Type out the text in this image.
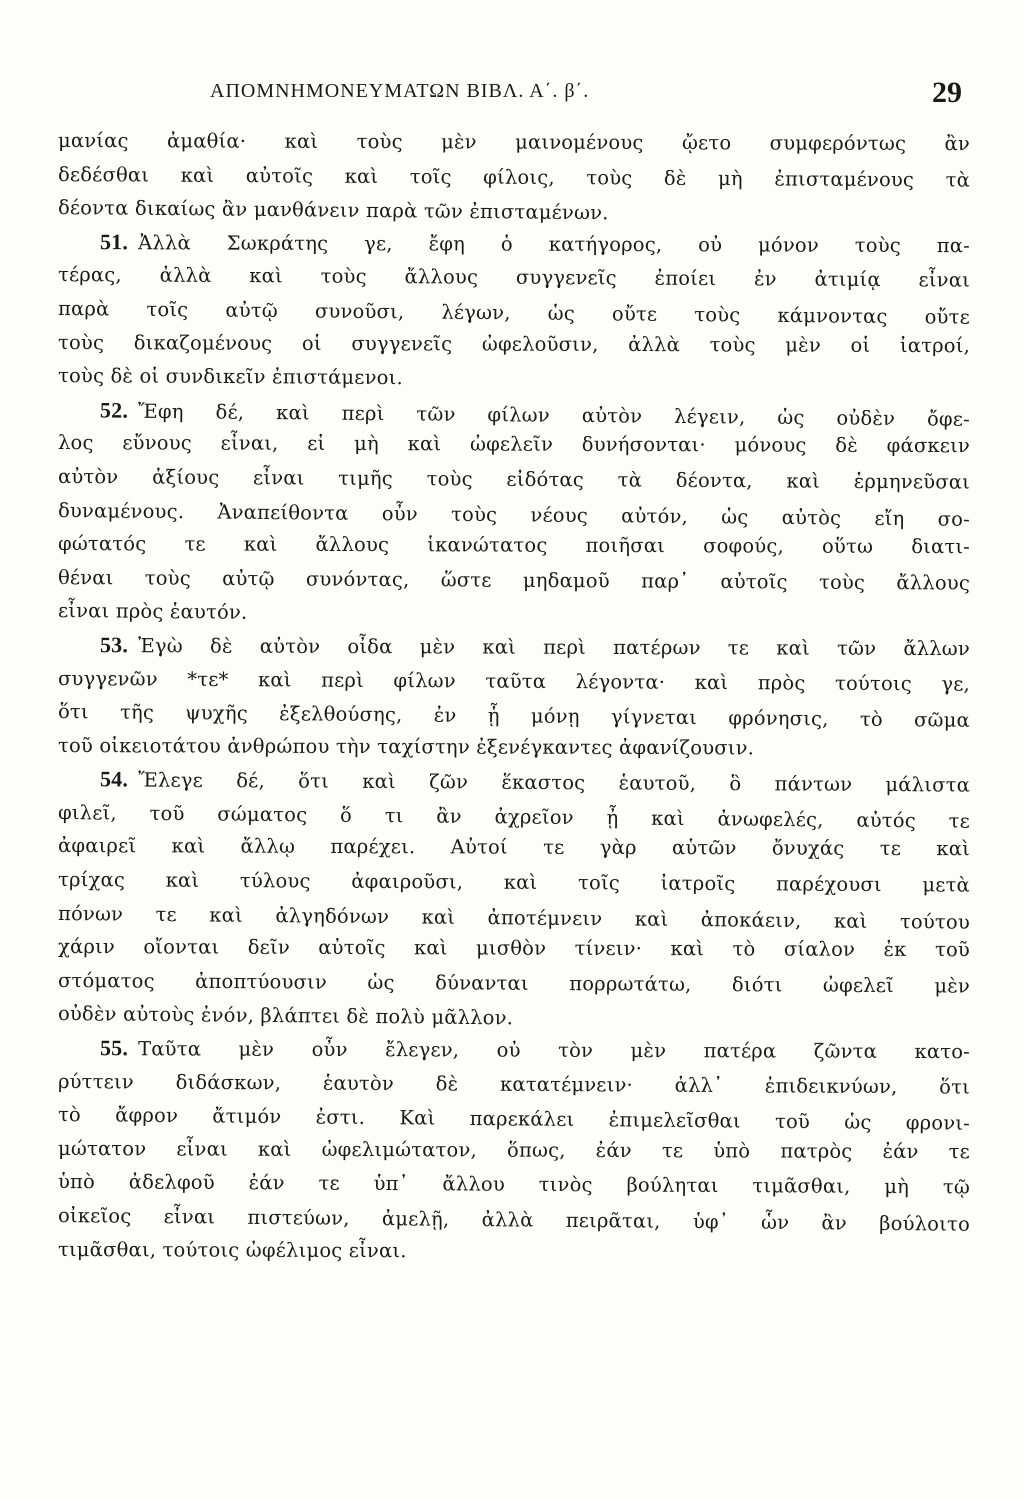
ΑΠΟΜΝΗΜΟΝΕΥΜΑΤΩΝ ΒΙΒΛ. Α΄. β΄.	29
μανίας ἀμαθία· καὶ τοὺς μὲν μαινομένους ᾤετο συμφερόντως ἂν
δεδέσθαι καὶ αὐτοῖς καὶ τοῖς φίλοις, τοὺς δὲ μὴ ἐπισταμένους τὰ
δέοντα δικαίως ἂν μανθάνειν παρὰ τῶν ἐπισταμένων.
51. Ἀλλὰ Σωκράτης γε, ἔφη ὁ κατήγορος, οὐ μόνον τοὺς πα-
τέρας, ἀλλὰ καὶ τοὺς ἄλλους συγγενεῖς ἐποίει ἐν ἀτιμίᾳ εἶναι
παρὰ τοῖς αὐτῷ συνοῦσι, λέγων, ὡς οὔτε τοὺς κάμνοντας οὔτε
τοὺς δικαζομένους οἱ συγγενεῖς ὠφελοῦσιν, ἀλλὰ τοὺς μὲν οἱ ἰατροί,
τοὺς δὲ οἱ συνδικεῖν ἐπιστάμενοι.
52. Ἔφη δέ, καὶ περὶ τῶν φίλων αὐτὸν λέγειν, ὡς οὐδὲν ὄφε-
λος εὔνους εἶναι, εἰ μὴ καὶ ὠφελεῖν δυνήσονται· μόνους δὲ φάσκειν
αὐτὸν ἀξίους εἶναι τιμῆς τοὺς εἰδότας τὰ δέοντα, καὶ ἑρμηνεῦσαι
δυναμένους. Ἀναπείθοντα οὖν τοὺς νέους αὐτόν, ὡς αὐτὸς εἴη σο-
φώτατός τε καὶ ἄλλους ἱκανώτατος ποιῆσαι σοφούς, οὕτω διατι-
θέναι τοὺς αὐτῷ συνόντας, ὥστε μηδαμοῦ παρ᾽ αὐτοῖς τοὺς ἄλλους
εἶναι πρὸς ἑαυτόν.
53. Ἐγὼ δὲ αὐτὸν οἶδα μὲν καὶ περὶ πατέρων τε καὶ τῶν ἄλλων
συγγενῶν *τε* καὶ περὶ φίλων ταῦτα λέγοντα· καὶ πρὸς τούτοις γε,
ὅτι τῆς ψυχῆς ἐξελθούσης, ἐν ᾗ μόνῃ γίγνεται φρόνησις, τὸ σῶμα
τοῦ οἰκειοτάτου ἀνθρώπου τὴν ταχίστην ἐξενέγκαντες ἀφανίζουσιν.
54. Ἔλεγε δέ, ὅτι καὶ ζῶν ἕκαστος ἑαυτοῦ, ὃ πάντων μάλιστα
φιλεῖ, τοῦ σώματος ὅ τι ἂν ἀχρεῖον ᾖ καὶ ἀνωφελές, αὐτός τε
ἀφαιρεῖ καὶ ἄλλῳ παρέχει. Αὐτοί τε γὰρ αὑτῶν ὄνυχάς τε καὶ
τρίχας καὶ τύλους ἀφαιροῦσι, καὶ τοῖς ἰατροῖς παρέχουσι μετὰ
πόνων τε καὶ ἀλγηδόνων καὶ ἀποτέμνειν καὶ ἀποκάειν, καὶ τούτου
χάριν οἴονται δεῖν αὐτοῖς καὶ μισθὸν τίνειν· καὶ τὸ σίαλον ἐκ τοῦ
στόματος ἀποπτύουσιν ὡς δύνανται πορρωτάτω, διότι ὠφελεῖ μὲν
οὐδὲν αὐτοὺς ἐνόν, βλάπτει δὲ πολὺ μᾶλλον.
55. Ταῦτα μὲν οὖν ἔλεγεν, οὐ τὸν μὲν πατέρα ζῶντα κατο-
ρύττειν διδάσκων, ἑαυτὸν δὲ κατατέμνειν· ἀλλ᾽ ἐπιδεικνύων, ὅτι
τὸ ἄφρον ἄτιμόν ἐστι. Καὶ παρεκάλει ἐπιμελεῖσθαι τοῦ ὡς φρονι-
μώτατον εἶναι καὶ ὠφελιμώτατον, ὅπως, ἐάν τε ὑπὸ πατρὸς ἐάν τε
ὑπὸ ἀδελφοῦ ἐάν τε ὑπ᾽ ἄλλου τινὸς βούληται τιμᾶσθαι, μὴ τῷ
οἰκεῖος εἶναι πιστεύων, ἀμελῇ, ἀλλὰ πειρᾶται, ὑφ᾽ ὧν ἂν βούλοιτο
τιμᾶσθαι, τούτοις ὠφέλιμος εἶναι.
